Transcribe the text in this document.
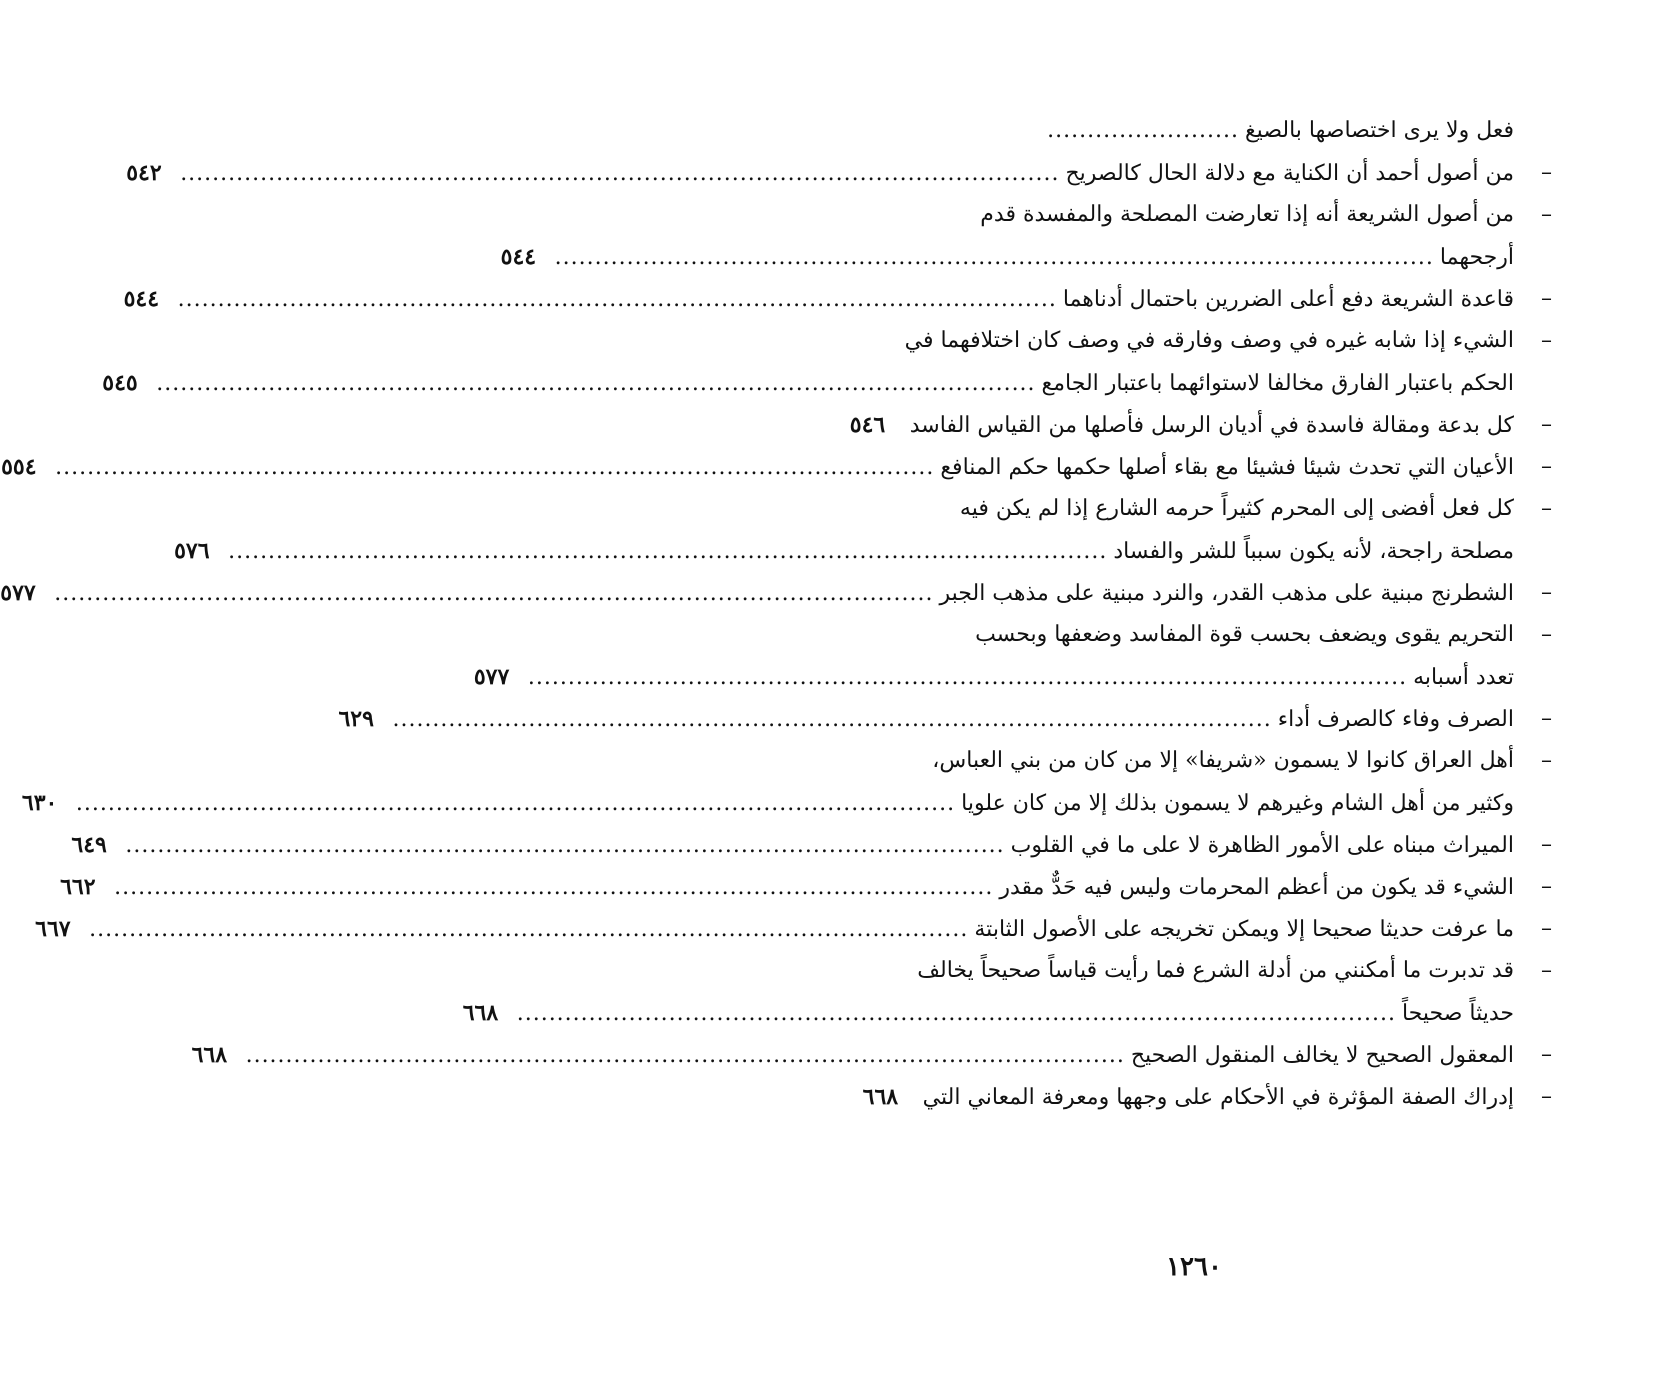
فعل ولا يرى اختصاصها بالصيغ
........................
–
من أصول أحمد أن الكناية مع دلالة الحال كالصريح
..............................................................................................................
٥٤٢
–
من أصول الشريعة أنه إذا تعارضت المصلحة والمفسدة قدم
أرجحهما
..............................................................................................................
٥٤٤
–
قاعدة الشريعة دفع أعلى الضررين باحتمال أدناهما
..............................................................................................................
٥٤٤
–
الشيء إذا شابه غيره في وصف وفارقه في وصف كان اختلافهما في
الحكم باعتبار الفارق مخالفا لاستوائهما باعتبار الجامع
..............................................................................................................
٥٤٥
–
كل بدعة ومقالة فاسدة في أديان الرسل فأصلها من القياس الفاسد
٥٤٦
–
الأعيان التي تحدث شيئا فشيئا مع بقاء أصلها حكمها حكم المنافع
..............................................................................................................
٥٥٤
–
كل فعل أفضى إلى المحرم كثيراً حرمه الشارع إذا لم يكن فيه
مصلحة راجحة، لأنه يكون سبباً للشر والفساد
..............................................................................................................
٥٧٦
–
الشطرنج مبنية على مذهب القدر، والنرد مبنية على مذهب الجبر
..............................................................................................................
٥٧٧
–
التحريم يقوى ويضعف بحسب قوة المفاسد وضعفها وبحسب
تعدد أسبابه
..............................................................................................................
٥٧٧
–
الصرف وفاء كالصرف أداء
..............................................................................................................
٦٢٩
–
أهل العراق كانوا لا يسمون «شريفا» إلا من كان من بني العباس،
وكثير من أهل الشام وغيرهم لا يسمون بذلك إلا من كان علويا
..............................................................................................................
٦٣٠
–
الميراث مبناه على الأمور الظاهرة لا على ما في القلوب
..............................................................................................................
٦٤٩
–
الشيء قد يكون من أعظم المحرمات وليس فيه حَدٌّ مقدر
..............................................................................................................
٦٦٢
–
ما عرفت حديثا صحيحا إلا ويمكن تخريجه على الأصول الثابتة
..............................................................................................................
٦٦٧
–
قد تدبرت ما أمكنني من أدلة الشرع فما رأيت قياساً صحيحاً يخالف
حديثاً صحيحاً
..............................................................................................................
٦٦٨
–
المعقول الصحيح لا يخالف المنقول الصحيح
..............................................................................................................
٦٦٨
–
إدراك الصفة المؤثرة في الأحكام على وجهها ومعرفة المعاني التي
٦٦٨
١٢٦٠
